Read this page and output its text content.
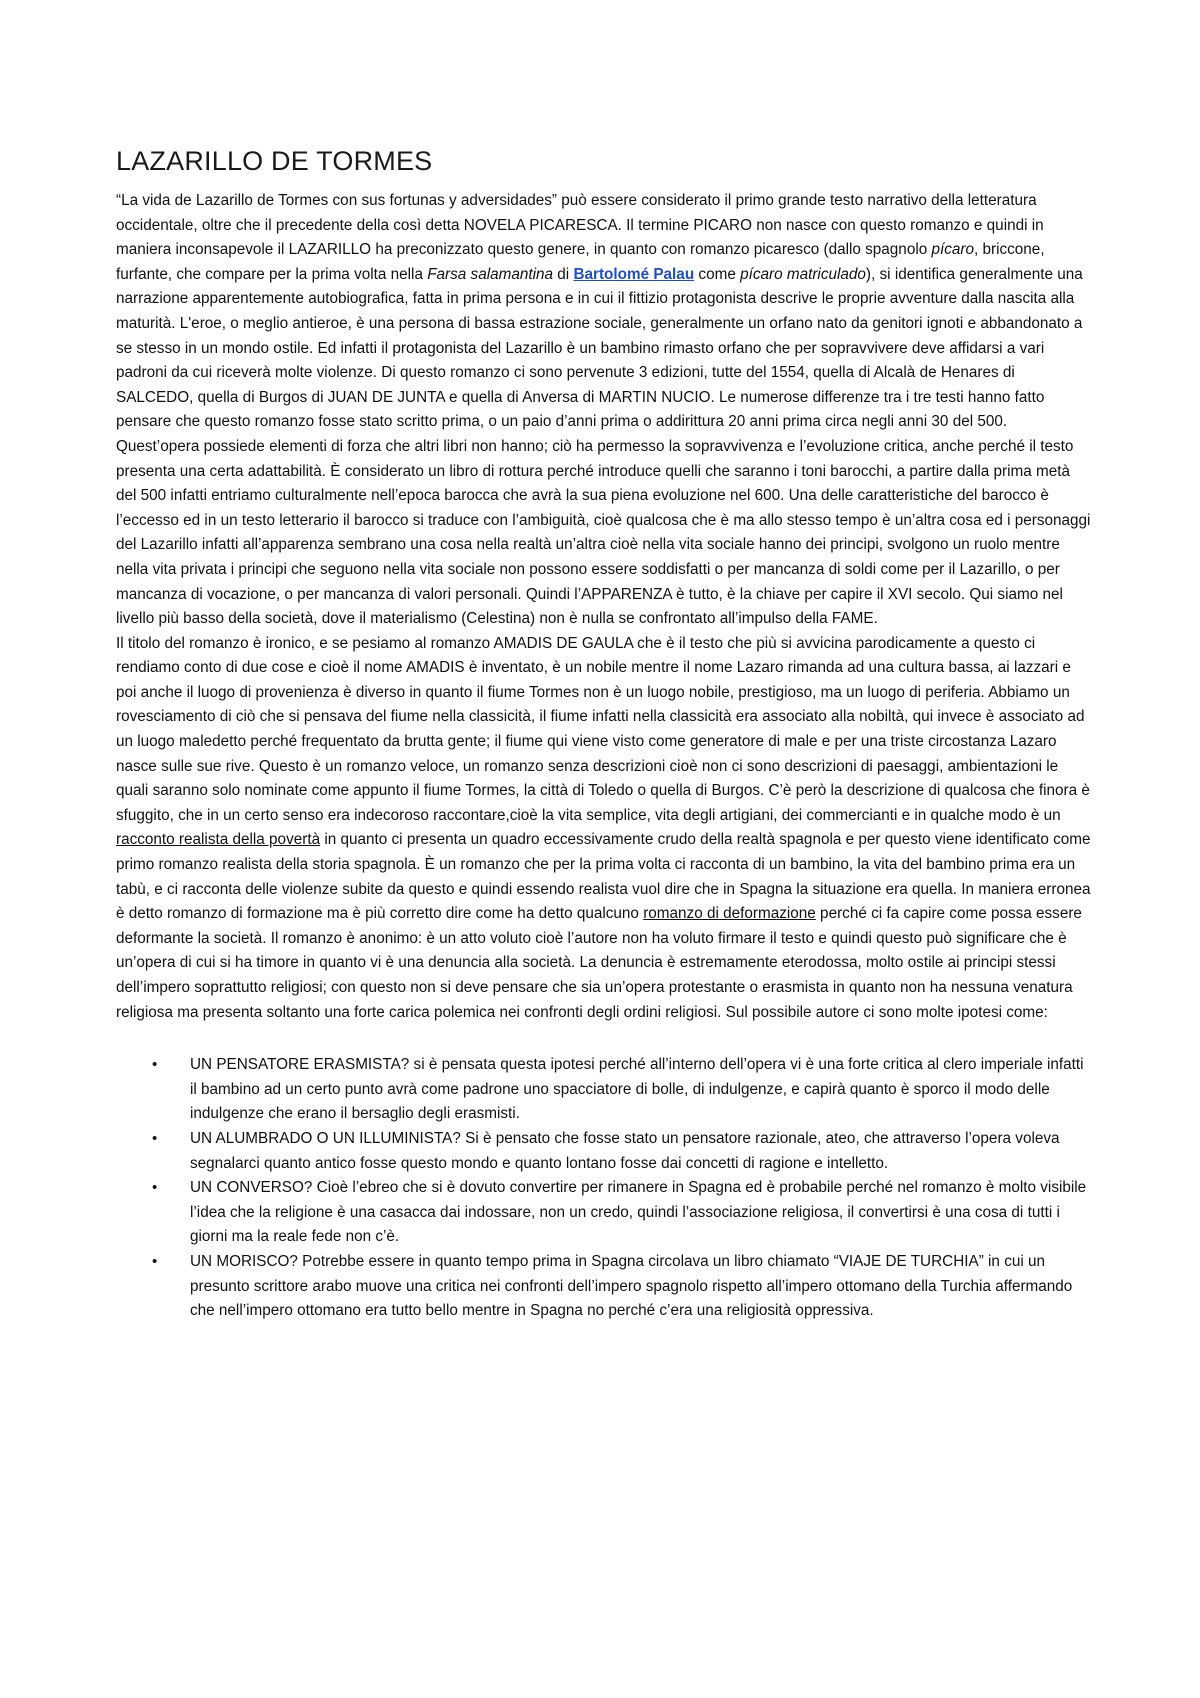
LAZARILLO DE TORMES

“La vida de Lazarillo de Tormes con sus fortunas y adversidades” può essere considerato il primo grande testo narrativo della letteratura occidentale, oltre che il precedente della così detta NOVELA PICARESCA. Il termine PICARO non nasce con questo romanzo e quindi in maniera inconsapevole il LAZARILLO ha preconizzato questo genere, in quanto con romanzo picaresco (dallo spagnolo pícaro, briccone, furfante, che compare per la prima volta nella Farsa salamantina di Bartolomé Palau come pícaro matriculado), si identifica generalmente una narrazione apparentemente autobiografica, fatta in prima persona e in cui il fittizio protagonista descrive le proprie avventure dalla nascita alla maturità. L'eroe, o meglio antieroe, è una persona di bassa estrazione sociale, generalmente un orfano nato da genitori ignoti e abbandonato a se stesso in un mondo ostile. Ed infatti il protagonista del Lazarillo è un bambino rimasto orfano che per sopravvivere deve affidarsi a vari padroni da cui riceverà molte violenze. Di questo romanzo ci sono pervenute 3 edizioni, tutte del 1554, quella di Alcalà de Henares di SALCEDO, quella di Burgos di JUAN DE JUNTA e quella di Anversa di MARTIN NUCIO. Le numerose differenze tra i tre testi hanno fatto pensare che questo romanzo fosse stato scritto prima, o un paio d’anni prima o addirittura 20 anni prima circa negli anni 30 del 500. Quest’opera possiede elementi di forza che altri libri non hanno; ciò ha permesso la sopravvivenza e l’evoluzione critica, anche perché il testo presenta una certa adattabilità. È considerato un libro di rottura perché introduce quelli che saranno i toni barocchi, a partire dalla prima metà del 500 infatti entriamo culturalmente nell’epoca barocca che avrà la sua piena evoluzione nel 600. Una delle caratteristiche del barocco è l’eccesso ed in un testo letterario il barocco si traduce con l’ambiguità, cioè qualcosa che è ma allo stesso tempo è un’altra cosa ed i personaggi del Lazarillo infatti all’apparenza sembrano una cosa nella realtà un’altra cioè nella vita sociale hanno dei principi, svolgono un ruolo mentre nella vita privata i principi che seguono nella vita sociale non possono essere soddisfatti o per mancanza di soldi come per il Lazarillo, o per mancanza di vocazione, o per mancanza di valori personali. Quindi l’APPARENZA è tutto, è la chiave per capire il XVI secolo. Qui siamo nel livello più basso della società, dove il materialismo (Celestina) non è nulla se confrontato all’impulso della FAME.

Il titolo del romanzo è ironico, e se pesiamo al romanzo AMADIS DE GAULA che è il testo che più si avvicina parodicamente a questo ci rendiamo conto di due cose e cioè il nome AMADIS è inventato, è un nobile mentre il nome Lazaro rimanda ad una cultura bassa, ai lazzari e poi anche il luogo di provenienza è diverso in quanto il fiume Tormes non è un luogo nobile, prestigioso, ma un luogo di periferia. Abbiamo un rovesciamento di ciò che si pensava del fiume nella classicità, il fiume infatti nella classicità era associato alla nobiltà, qui invece è associato ad un luogo maledetto perché frequentato da brutta gente; il fiume qui viene visto come generatore di male e per una triste circostanza Lazaro nasce sulle sue rive. Questo è un romanzo veloce, un romanzo senza descrizioni cioè non ci sono descrizioni di paesaggi, ambientazioni le quali saranno solo nominate come appunto il fiume Tormes, la città di Toledo o quella di Burgos. C’è però la descrizione di qualcosa che finora è sfuggito, che in un certo senso era indecoroso raccontare,cioè la vita semplice, vita degli artigiani, dei commercianti e in qualche modo è un racconto realista della povertà in quanto ci presenta un quadro eccessivamente crudo della realtà spagnola e per questo viene identificato come primo romanzo realista della storia spagnola. È un romanzo che per la prima volta ci racconta di un bambino, la vita del bambino prima era un tabù, e ci racconta delle violenze subite da questo e quindi essendo realista vuol dire che in Spagna la situazione era quella. In maniera erronea è detto romanzo di formazione ma è più corretto dire come ha detto qualcuno romanzo di deformazione perché ci fa capire come possa essere deformante la società. Il romanzo è anonimo: è un atto voluto cioè l’autore non ha voluto firmare il testo e quindi questo può significare che è un’opera di cui si ha timore in quanto vi è una denuncia alla società. La denuncia è estremamente eterodossa, molto ostile ai principi stessi dell’impero soprattutto religiosi; con questo non si deve pensare che sia un’opera protestante o erasmista in quanto non ha nessuna venatura religiosa ma presenta soltanto una forte carica polemica nei confronti degli ordini religiosi. Sul possibile autore ci sono molte ipotesi come:

• UN PENSATORE ERASMISTA? si è pensata questa ipotesi perché all’interno dell’opera vi è una forte critica al clero imperiale infatti il bambino ad un certo punto avrà come padrone uno spacciatore di bolle, di indulgenze, e capirà quanto è sporco il modo delle indulgenze che erano il bersaglio degli erasmisti.
• UN ALUMBRADO O UN ILLUMINISTA? Si è pensato che fosse stato un pensatore razionale, ateo, che attraverso l’opera voleva segnalarci quanto antico fosse questo mondo e quanto lontano fosse dai concetti di ragione e intelletto.
• UN CONVERSO? Cioè l’ebreo che si è dovuto convertire per rimanere in Spagna ed è probabile perché nel romanzo è molto visibile l’idea che la religione è una casacca dai indossare, non un credo, quindi l’associazione religiosa, il convertirsi è una cosa di tutti i giorni ma la reale fede non c’è.
• UN MORISCO? Potrebbe essere in quanto tempo prima in Spagna circolava un libro chiamato “VIAJE DE TURCHIA” in cui un presunto scrittore arabo muove una critica nei confronti dell’impero spagnolo rispetto all’impero ottomano della Turchia affermando che nell’impero ottomano era tutto bello mentre in Spagna no perché c’era una religiosità oppressiva.
